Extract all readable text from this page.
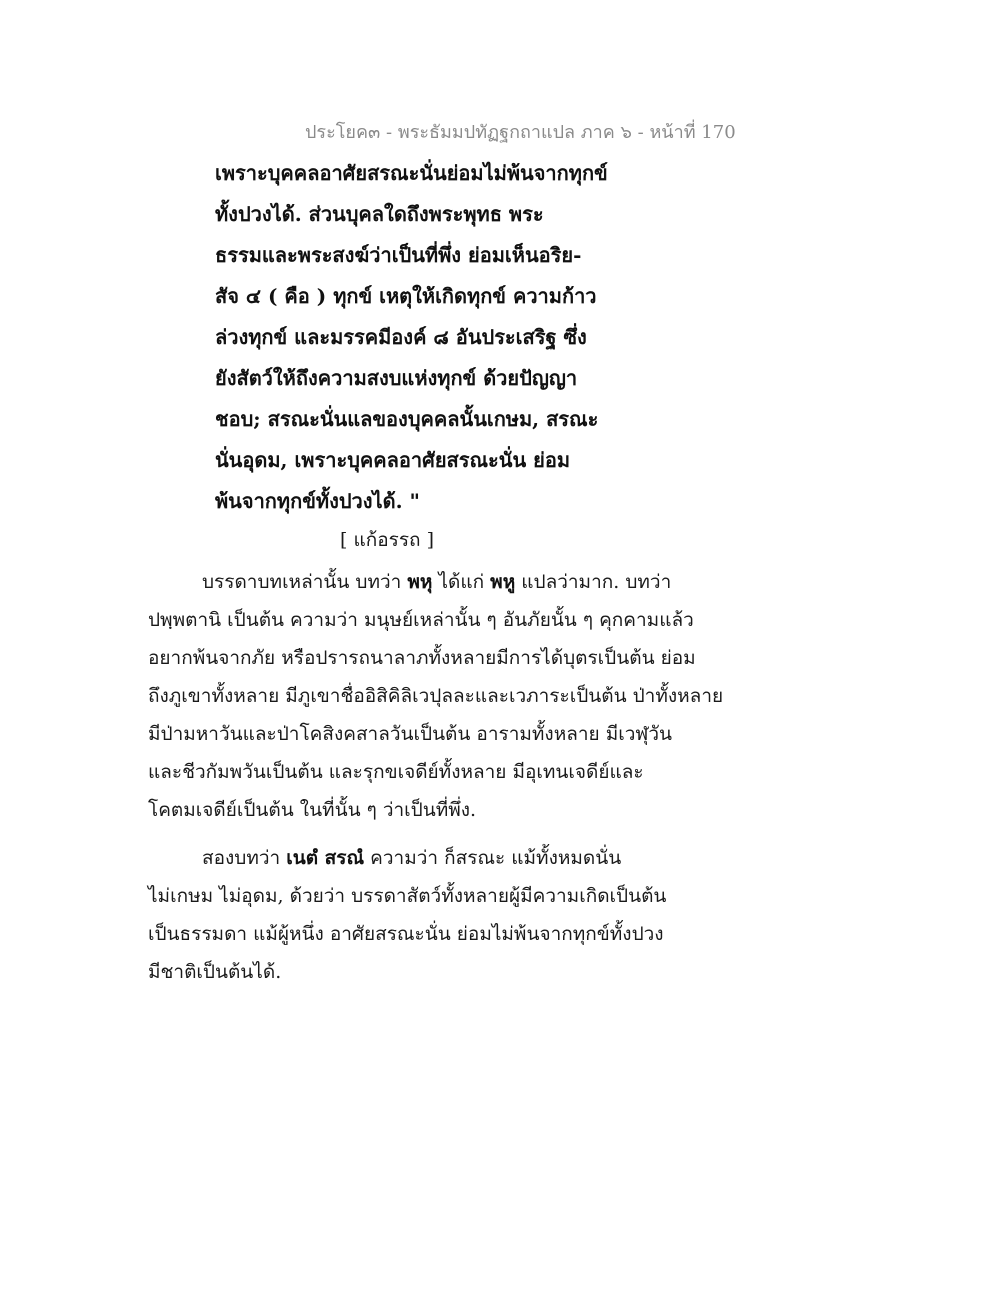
ประโยค๓ - พระธัมมปทัฏฐกถาแปล ภาค ๖ - หน้าที่ 170
เพราะบุคคลอาศัยสรณะนั่นย่อมไม่พ้นจากทุกข์
ทั้งปวงได้. ส่วนบุคลใดถึงพระพุทธ พระ
ธรรมและพระสงฆ์ว่าเป็นที่พึ่ง ย่อมเห็นอริย-
สัจ ๔ ( คือ ) ทุกข์ เหตุให้เกิดทุกข์ ความก้าว
ล่วงทุกข์ และมรรคมีองค์ ๘ อันประเสริฐ ซึ่ง
ยังสัตว์ให้ถึงความสงบแห่งทุกข์ ด้วยปัญญา
ชอบ; สรณะนั่นแลของบุคคลนั้นเกษม, สรณะ
นั่นอุดม, เพราะบุคคลอาศัยสรณะนั่น ย่อม
พ้นจากทุกข์ทั้งปวงได้. "
[ แก้อรรถ ]
บรรดาบทเหล่านั้น บทว่า พหุ ได้แก่ พหู แปลว่ามาก. บทว่า
ปพฺพตานิ เป็นต้น ความว่า มนุษย์เหล่านั้น ๆ อันภัยนั้น ๆ คุกคามแล้ว
อยากพ้นจากภัย หรือปรารถนาลาภทั้งหลายมีการได้บุตรเป็นต้น ย่อม
ถึงภูเขาทั้งหลาย มีภูเขาชื่ออิสิคิลิเวปุลละและเวภาระเป็นต้น ป่าทั้งหลาย
มีป่ามหาวันและป่าโคสิงคสาลวันเป็นต้น อารามทั้งหลาย มีเวฬุวัน
และชีวกัมพวันเป็นต้น และรุกขเจดีย์ทั้งหลาย มีอุเทนเจดีย์และ
โคตมเจดีย์เป็นต้น ในที่นั้น ๆ ว่าเป็นที่พึ่ง.
สองบทว่า เนตํ สรณํ ความว่า ก็สรณะ แม้ทั้งหมดนั่น
ไม่เกษม ไม่อุดม, ด้วยว่า บรรดาสัตว์ทั้งหลายผู้มีความเกิดเป็นต้น
เป็นธรรมดา แม้ผู้หนึ่ง อาศัยสรณะนั่น ย่อมไม่พ้นจากทุกข์ทั้งปวง
มีชาติเป็นต้นได้.
